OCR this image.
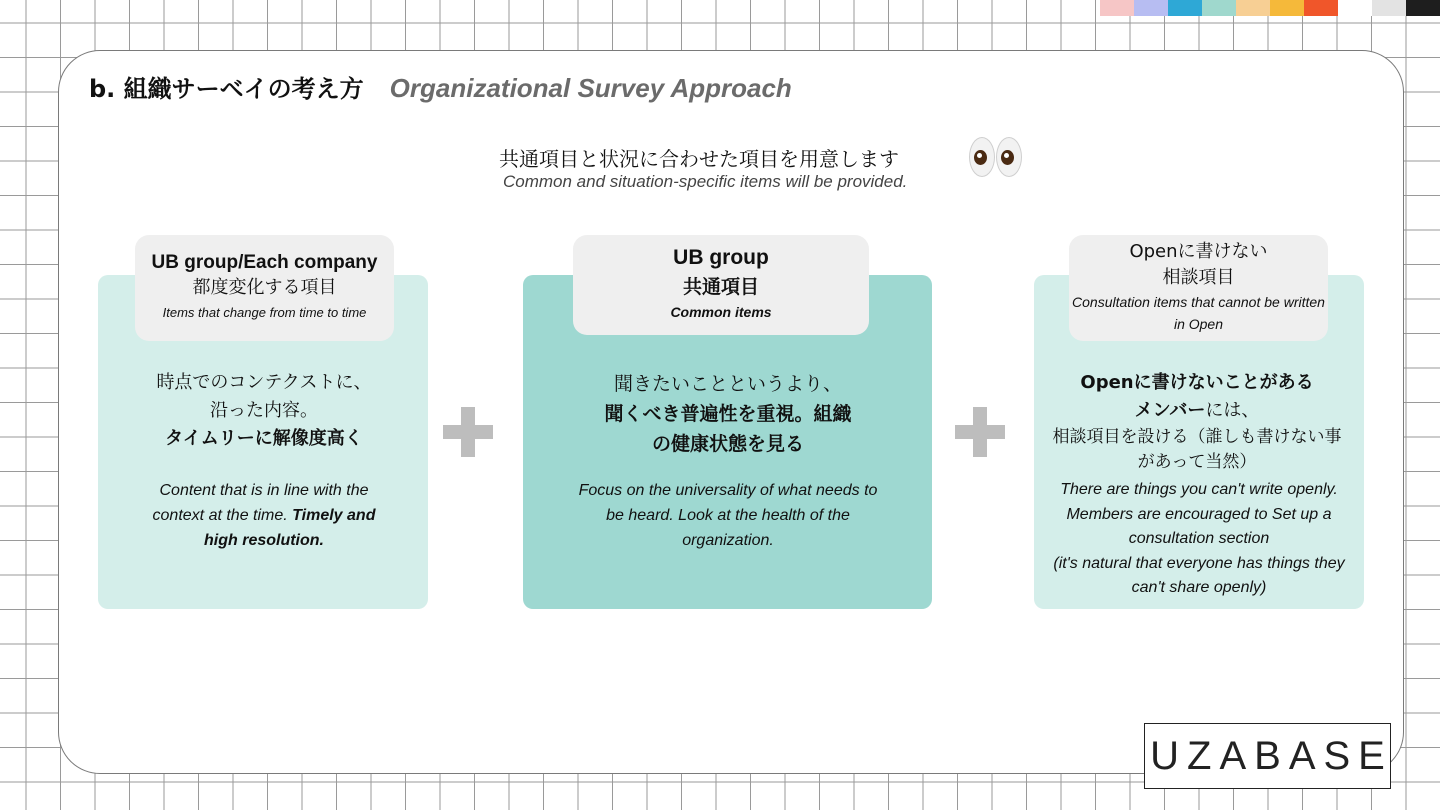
b. 組織サーベイの考え方 Organizational Survey Approach
共通項目と状況に合わせた項目を用意します
Common and situation-specific items will be provided.
UB group/Each company
都度変化する項目
Items that change from time to time
UB group
共通項目
Common items
Openに書けない
相談項目
Consultation items that cannot be written in Open
時点でのコンテクストに、
沿った内容。
タイムリーに解像度高く
Content that is in line with the context at the time. Timely and high resolution.
聞きたいことというより、
聞くべき普遍性を重視。組織
の健康状態を見る
Focus on the universality of what needs to be heard. Look at the health of the organization.
Openに書けないことがある
メンバーには、
相談項目を設ける（誰しも書けない事があって当然）
There are things you can't write openly.
Members are encouraged to Set up a consultation section
(it's natural that everyone has things they can't share openly)
UZABASE
